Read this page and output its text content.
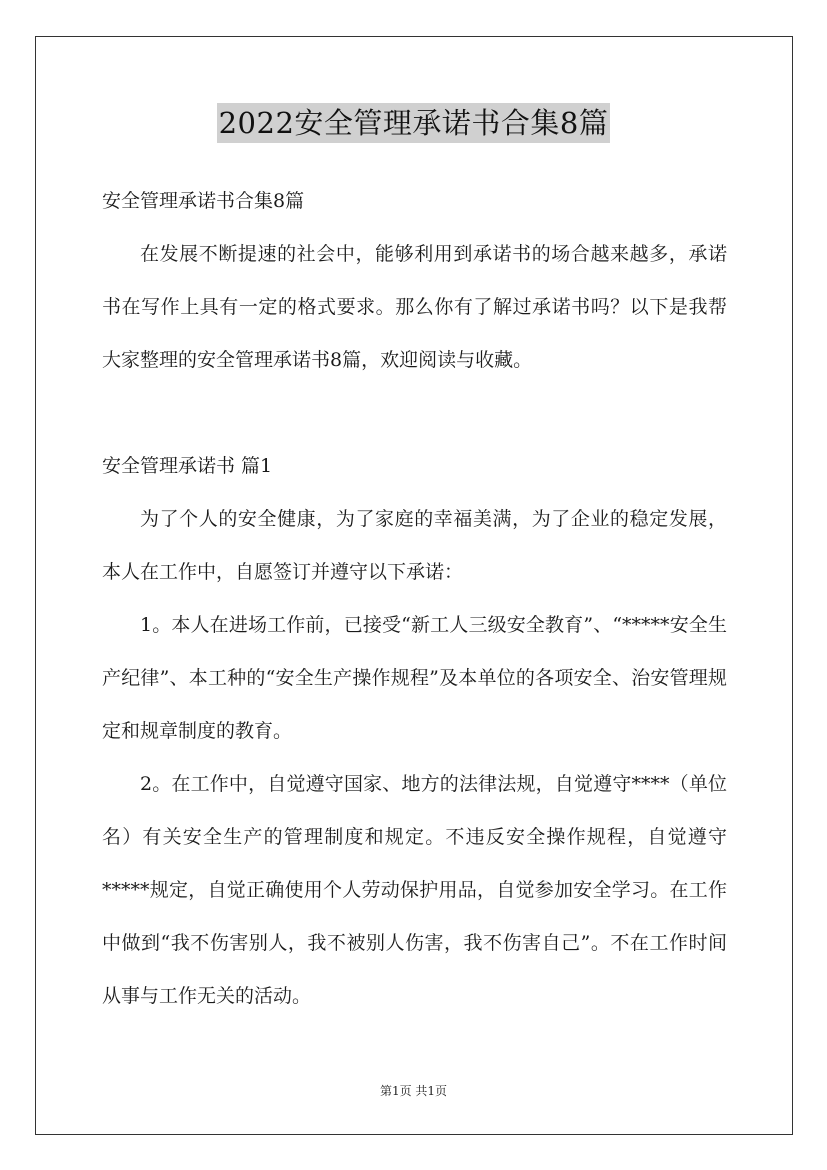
2022安全管理承诺书合集8篇

安全管理承诺书合集8篇

在发展不断提速的社会中，能够利用到承诺书的场合越来越多，承诺书在写作上具有一定的格式要求。那么你有了解过承诺书吗？以下是我帮大家整理的安全管理承诺书8篇，欢迎阅读与收藏。

安全管理承诺书 篇1

为了个人的安全健康，为了家庭的幸福美满，为了企业的稳定发展，本人在工作中，自愿签订并遵守以下承诺：

1。本人在进场工作前，已接受“新工人三级安全教育”、“*****安全生产纪律”、本工种的“安全生产操作规程”及本单位的各项安全、治安管理规定和规章制度的教育。

2。在工作中，自觉遵守国家、地方的法律法规，自觉遵守****（单位名）有关安全生产的管理制度和规定。不违反安全操作规程，自觉遵守*****规定，自觉正确使用个人劳动保护用品，自觉参加安全学习。在工作中做到“我不伤害别人，我不被别人伤害，我不伤害自己”。不在工作时间从事与工作无关的活动。

第1页 共1页
